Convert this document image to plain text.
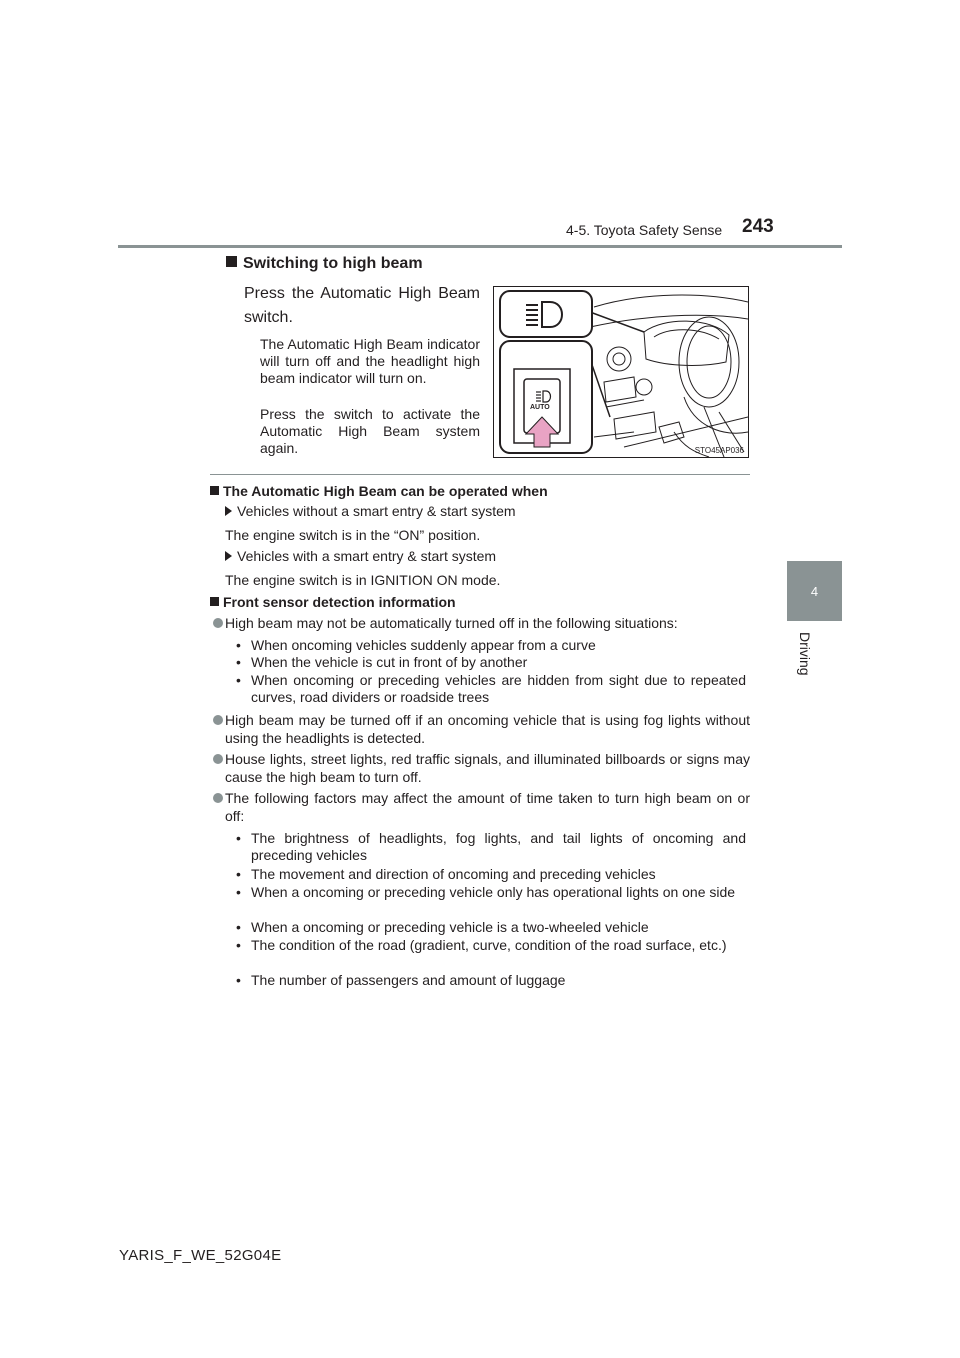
4-5. Toyota Safety Sense 243
4
Driving
Switching to high beam
Press the Automatic High Beam switch.
The Automatic High Beam indicator will turn off and the headlight high beam indicator will turn on.
Press the switch to activate the Automatic High Beam system again.
AUTO
STO45AP036
The Automatic High Beam can be operated when
Vehicles without a smart entry & start system
The engine switch is in the “ON” position.
Vehicles with a smart entry & start system
The engine switch is in IGNITION ON mode.
Front sensor detection information
High beam may not be automatically turned off in the following situations:
• When oncoming vehicles suddenly appear from a curve
• When the vehicle is cut in front of by another
• When oncoming or preceding vehicles are hidden from sight due to repeated curves, road dividers or roadside trees
High beam may be turned off if an oncoming vehicle that is using fog lights without using the headlights is detected.
House lights, street lights, red traffic signals, and illuminated billboards or signs may cause the high beam to turn off.
The following factors may affect the amount of time taken to turn high beam on or off:
• The brightness of headlights, fog lights, and tail lights of oncoming and preceding vehicles
• The movement and direction of oncoming and preceding vehicles
• When a oncoming or preceding vehicle only has operational lights on one side
• When a oncoming or preceding vehicle is a two-wheeled vehicle
• The condition of the road (gradient, curve, condition of the road surface, etc.)
• The number of passengers and amount of luggage
YARIS_F_WE_52G04E
